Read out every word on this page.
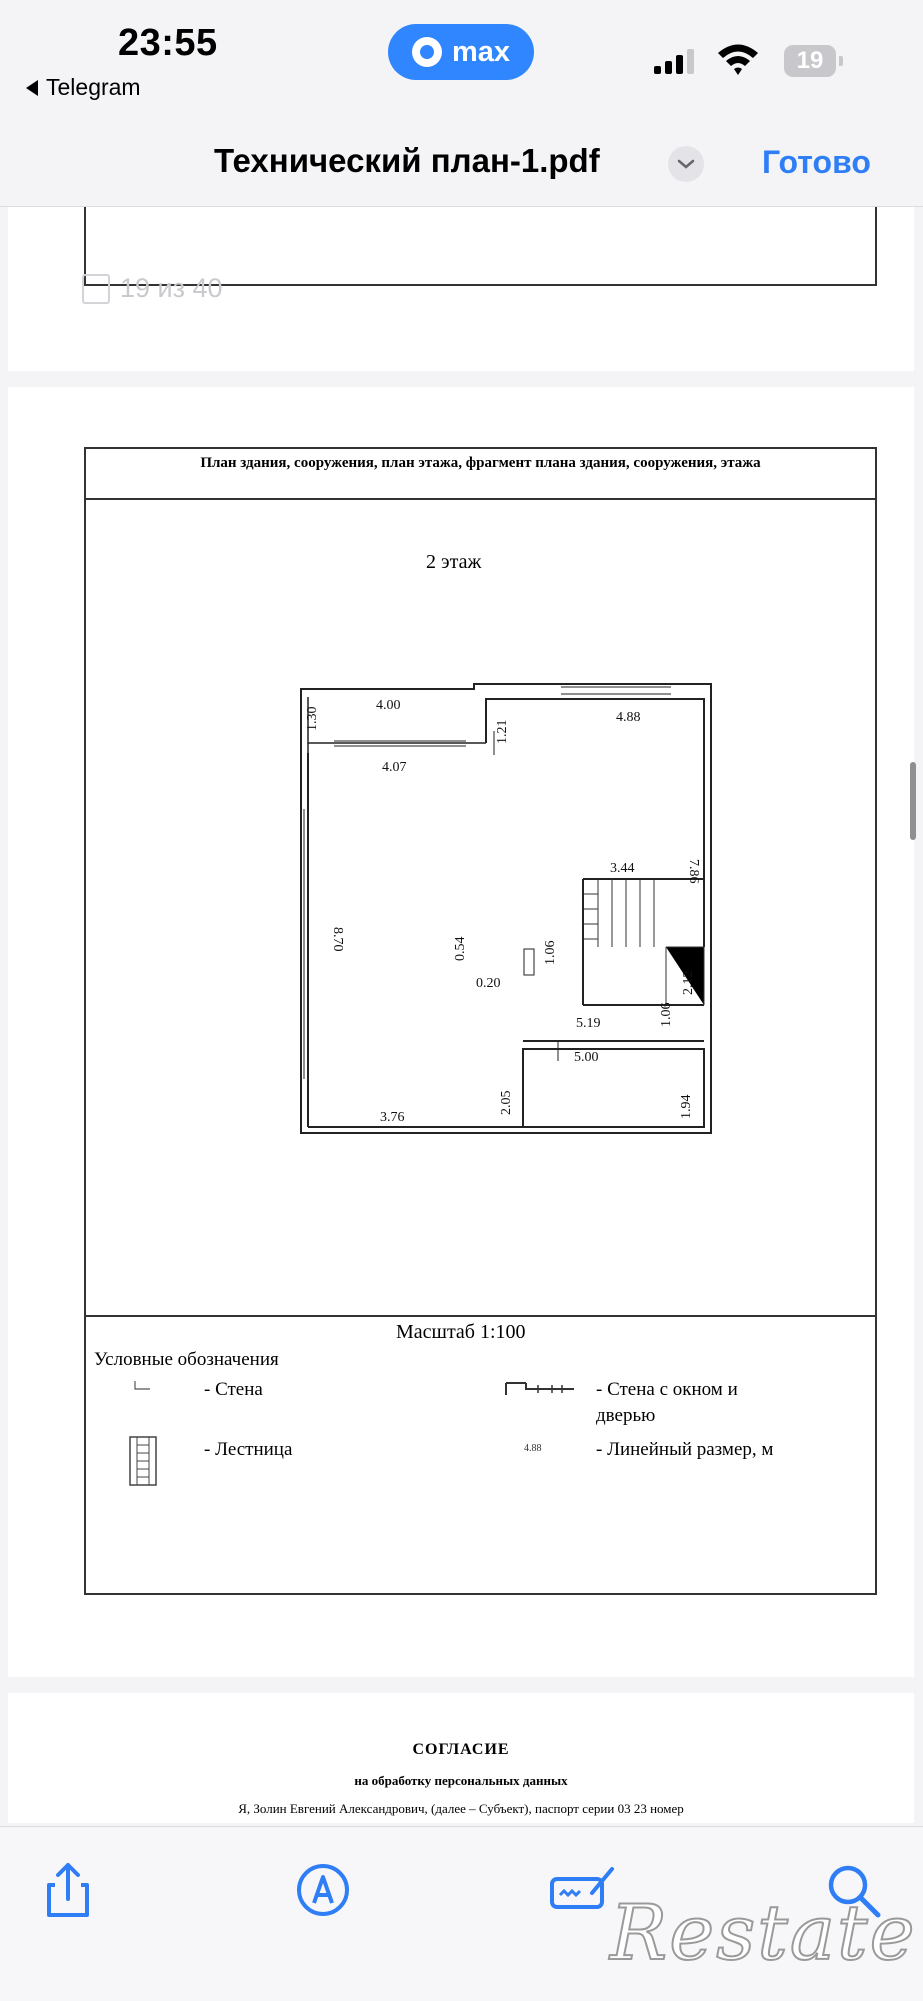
23:55
Telegram
max	19
Технический план-1.pdf	Готово
19 из 40
План здания, сооружения, план этажа, фрагмент плана здания, сооружения, этажа
2 этаж
4.00
1.30
1.21
4.88
4.07
7.86
8.70
3.44
0.54
0.20
1.06
2.12
1.06
5.19
5.00
2.05	1.94
3.76
Масштаб 1:100
Условные обозначения
- Стена	- Стена с окном и
дверью
- Лестница	4.88	- Линейный размер, м
СОГЛАСИЕ
на обработку персональных данных
Я, Золин Евгений Александрович, (далее – Субъект), паспорт серии 03 23 номер
Restate
